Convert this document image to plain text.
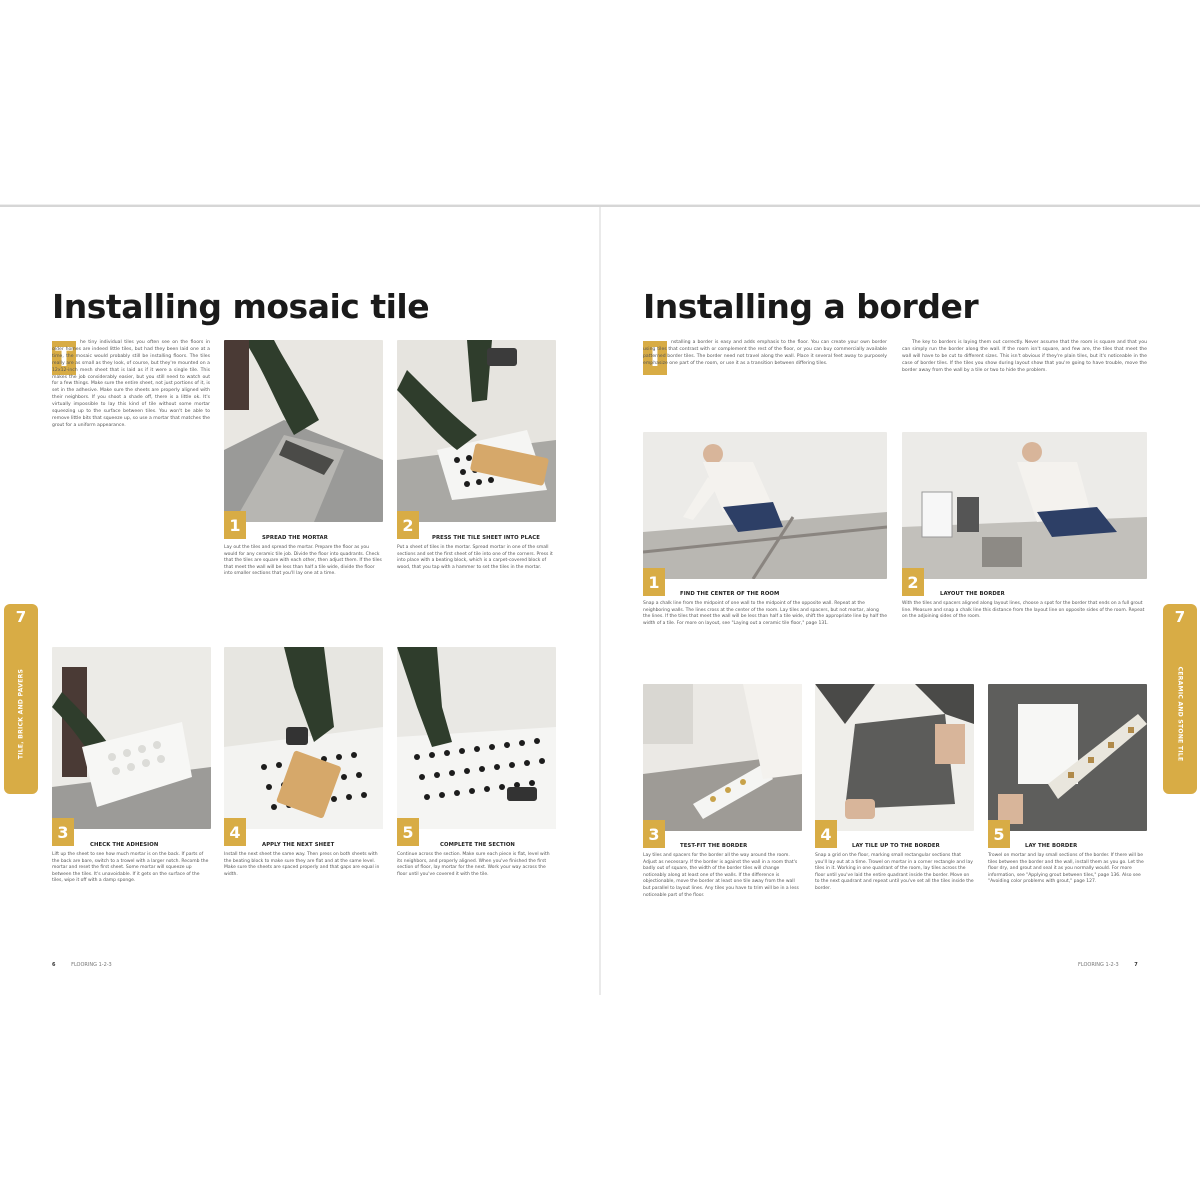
Installing mosaic tile
T

he tiny individual tiles you often see on the floors in older homes are indeed little tiles, but had they been laid one at a time, the mosaic would probably still be installing floors. The tiles really are as small as they look, of course, but they're mounted on a 12x12-inch mesh sheet that is laid as if it were a single tile. This makes the job considerably easier, but you still need to watch out for a few things. Make sure the entire sheet, not just portions of it, is set in the adhesive. Make sure the sheets are properly aligned with their neighbors. If you shoot a shade off, there is a little ok. It's virtually impossible to lay this kind of tile without some mortar squeezing up to the surface between tiles. You won't be able to remove little bits that squeeze up, so use a mortar that matches the grout for a uniform appearance.

1
SPREAD THE MORTAR

Lay out the tiles and spread the mortar. Prepare the floor as you would for any ceramic tile job. Divide the floor into quadrants. Check that the tiles are square with each other, then adjust them. If the tiles that meet the wall will be less than half a tile wide, divide the floor into smaller sections that you'll lay one at a time.

2
PRESS THE TILE SHEET INTO PLACE

Put a sheet of tiles in the mortar. Spread mortar in one of the small sections and set the first sheet of tile into one of the corners. Press it into place with a beating block, which is a carpet-covered block of wood, that you tap with a hammer to set the tiles in the mortar.

3
CHECK THE ADHESION

Lift up the sheet to see how much mortar is on the back. If parts of the back are bare, switch to a trowel with a larger notch. Recomb the mortar and reset the first sheet. Some mortar will squeeze up between the tiles. It's unavoidable. If it gets on the surface of the tiles, wipe it off with a damp sponge.

4
APPLY THE NEXT SHEET

Install the next sheet the same way. Then press on both sheets with the beating block to make sure they are flat and at the same level. Make sure the sheets are spaced properly and that gaps are equal in width.

5
COMPLETE THE SECTION

Continue across the section. Make sure each piece is flat, level with its neighbors, and properly aligned. When you've finished the first section of floor, lay mortar for the next. Work your way across the floor until you've covered it with the tile.

7
TILE, BRICK AND PAVERS
6	FLOORING 1-2-3
Installing a border
I

nstalling a border is easy and adds emphasis to the floor. You can create your own border using tiles that contrast with or complement the rest of the floor, or you can buy commercially available patterned border tiles. The border need not travel along the wall. Place it several feet away to purposely emphasize one part of the room, or use it as a transition between differing tiles.

The key to borders is laying them out correctly. Never assume that the room is square and that you can simply run the border along the wall. If the room isn't square, and few are, the tiles that meet the wall will have to be cut to different sizes. This isn't obvious if they're plain tiles, but it's noticeable in the case of border tiles. If the tiles you show during layout show that you're going to have trouble, move the border away from the wall by a tile or two to hide the problem.

1
FIND THE CENTER OF THE ROOM

Snap a chalk line from the midpoint of one wall to the midpoint of the opposite wall. Repeat at the neighboring walls. The lines cross at the center of the room. Lay tiles and spacers, but not mortar, along the lines. If the tiles that meet the wall will be less than half a tile wide, shift the appropriate line by half the width of a tile. For more on layout, see "Laying out a ceramic tile floor," page 131.

2
LAYOUT THE BORDER

With the tiles and spacers aligned along layout lines, choose a spot for the border that ends on a full grout line. Measure and snap a chalk line this distance from the layout line on opposite sides of the room. Repeat on the adjoining sides of the room.

3
TEST-FIT THE BORDER

Lay tiles and spacers for the border all the way around the room. Adjust as necessary. If the border is against the wall in a room that's badly out of square, the width of the border tiles will change noticeably along at least one of the walls. If the difference is objectionable, move the border at least one tile away from the wall but parallel to layout lines. Any tiles you have to trim will be in a less noticeable part of the floor.

4
LAY TILE UP TO THE BORDER

Snap a grid on the floor, marking small rectangular sections that you'll lay out at a time. Trowel on mortar in a corner rectangle and lay tiles in it. Working in one quadrant of the room, lay tiles across the floor until you've laid the entire quadrant inside the border. Move on to the next quadrant and repeat until you've set all the tiles inside the border.

5
LAY THE BORDER

Trowel on mortar and lay small sections of the border. If there will be tiles between the border and the wall, install them as you go. Let the floor dry, and grout and seal it as you normally would. For more information, see "Applying grout between tiles," page 136. Also see "Avoiding color problems with grout," page 127.

7
CERAMIC AND STONE TILE
FLOORING 1-2-3	7
